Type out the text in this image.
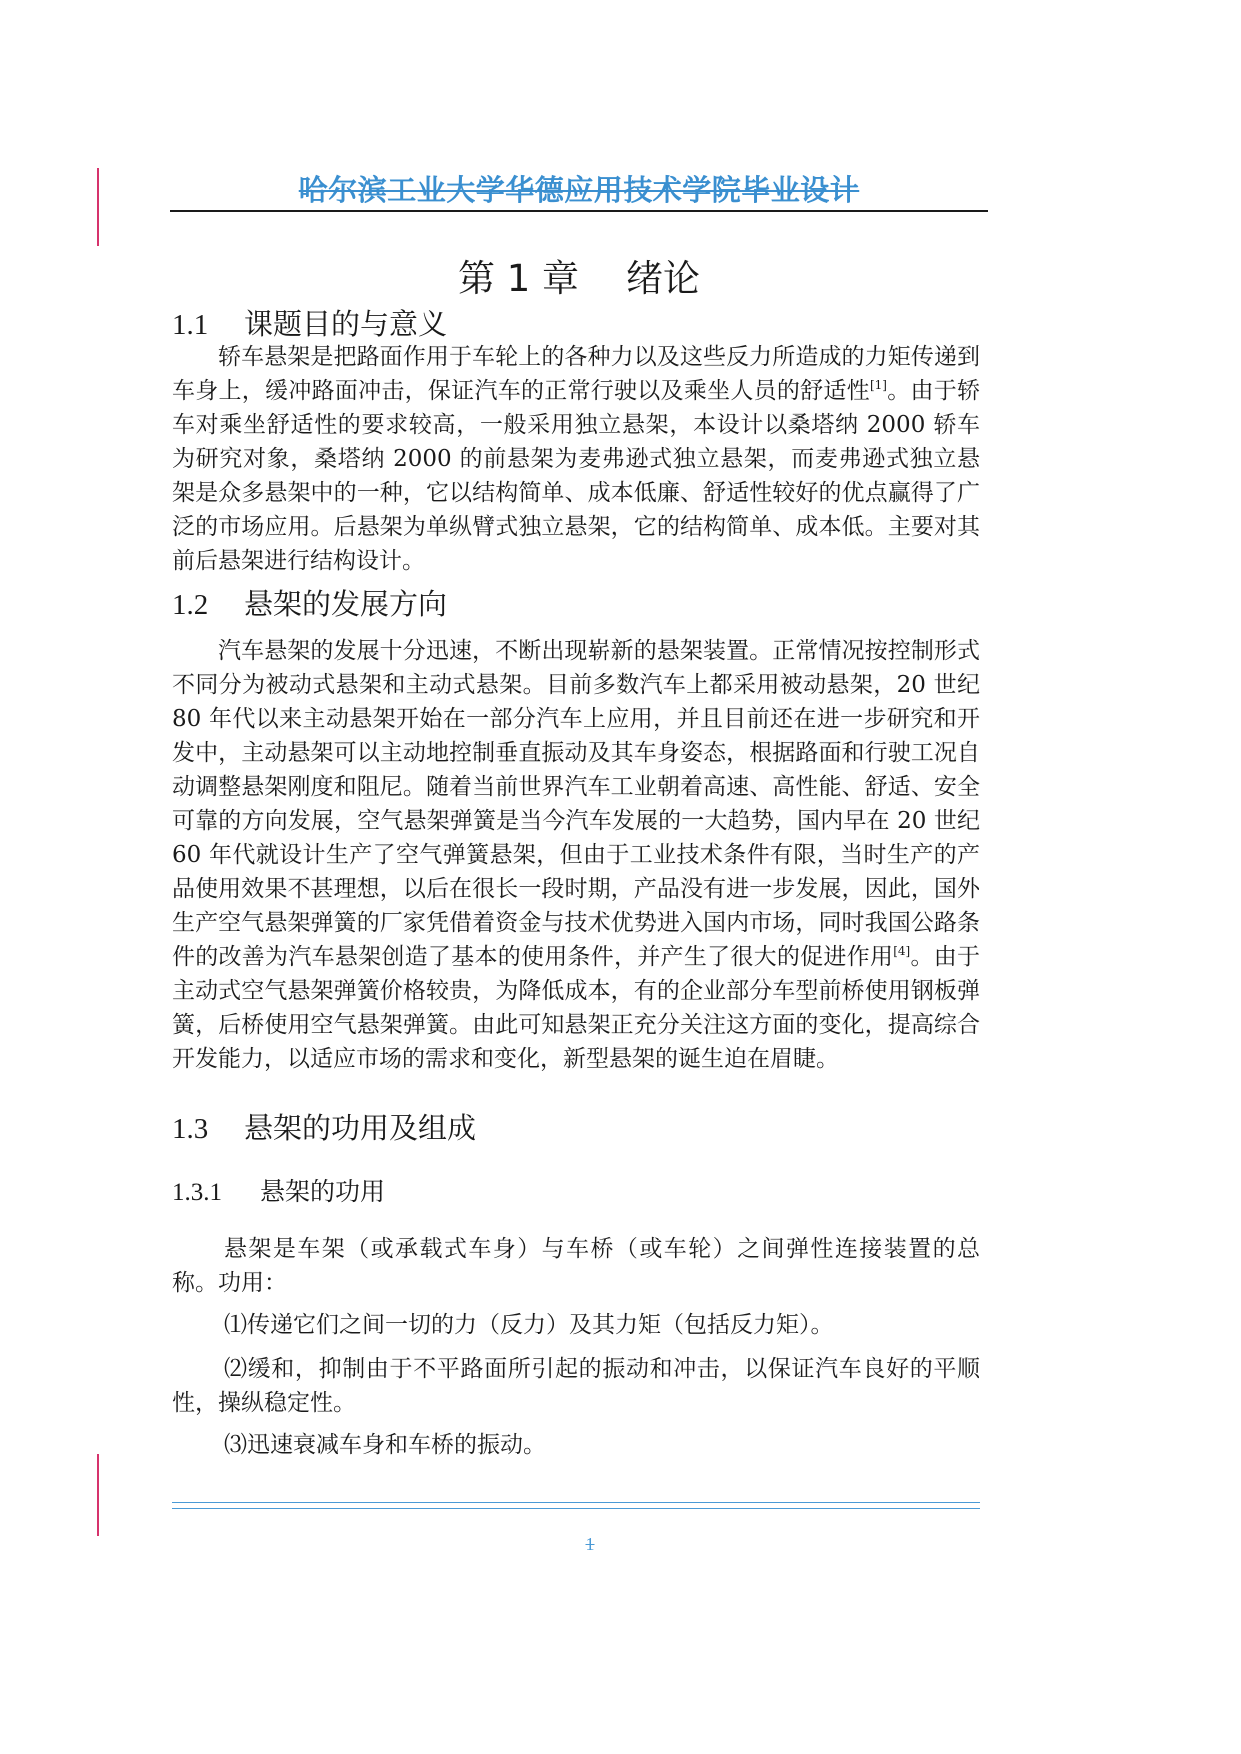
哈尔滨工业大学华德应用技术学院毕业设计
第 1 章    绪论
1.1 课题目的与意义

轿车悬架是把路面作用于车轮上的各种力以及这些反力所造成的力矩传递到车身上，缓冲路面冲击，保证汽车的正常行驶以及乘坐人员的舒适性[1]。由于轿车对乘坐舒适性的要求较高，一般采用独立悬架，本设计以桑塔纳 2000 轿车为研究对象，桑塔纳 2000 的前悬架为麦弗逊式独立悬架，而麦弗逊式独立悬架是众多悬架中的一种，它以结构简单、成本低廉、舒适性较好的优点赢得了广泛的市场应用。后悬架为单纵臂式独立悬架，它的结构简单、成本低。主要对其前后悬架进行结构设计。

1.2 悬架的发展方向

汽车悬架的发展十分迅速，不断出现崭新的悬架装置。正常情况按控制形式不同分为被动式悬架和主动式悬架。目前多数汽车上都采用被动悬架，20 世纪 80 年代以来主动悬架开始在一部分汽车上应用，并且目前还在进一步研究和开发中，主动悬架可以主动地控制垂直振动及其车身姿态，根据路面和行驶工况自动调整悬架刚度和阻尼。随着当前世界汽车工业朝着高速、高性能、舒适、安全可靠的方向发展，空气悬架弹簧是当今汽车发展的一大趋势，国内早在 20 世纪 60 年代就设计生产了空气弹簧悬架，但由于工业技术条件有限，当时生产的产品使用效果不甚理想，以后在很长一段时期，产品没有进一步发展，因此，国外生产空气悬架弹簧的厂家凭借着资金与技术优势进入国内市场，同时我国公路条件的改善为汽车悬架创造了基本的使用条件，并产生了很大的促进作用[4]。由于主动式空气悬架弹簧价格较贵，为降低成本，有的企业部分车型前桥使用钢板弹簧，后桥使用空气悬架弹簧。由此可知悬架正充分关注这方面的变化，提高综合开发能力，以适应市场的需求和变化，新型悬架的诞生迫在眉睫。

1.3 悬架的功用及组成
1.3.1 悬架的功用

悬架是车架（或承载式车身）与车桥（或车轮）之间弹性连接装置的总称。功用：

⑴传递它们之间一切的力（反力）及其力矩（包括反力矩）。

⑵缓和，抑制由于不平路面所引起的振动和冲击，以保证汽车良好的平顺性，操纵稳定性。

⑶迅速衰减车身和车桥的振动。

1
